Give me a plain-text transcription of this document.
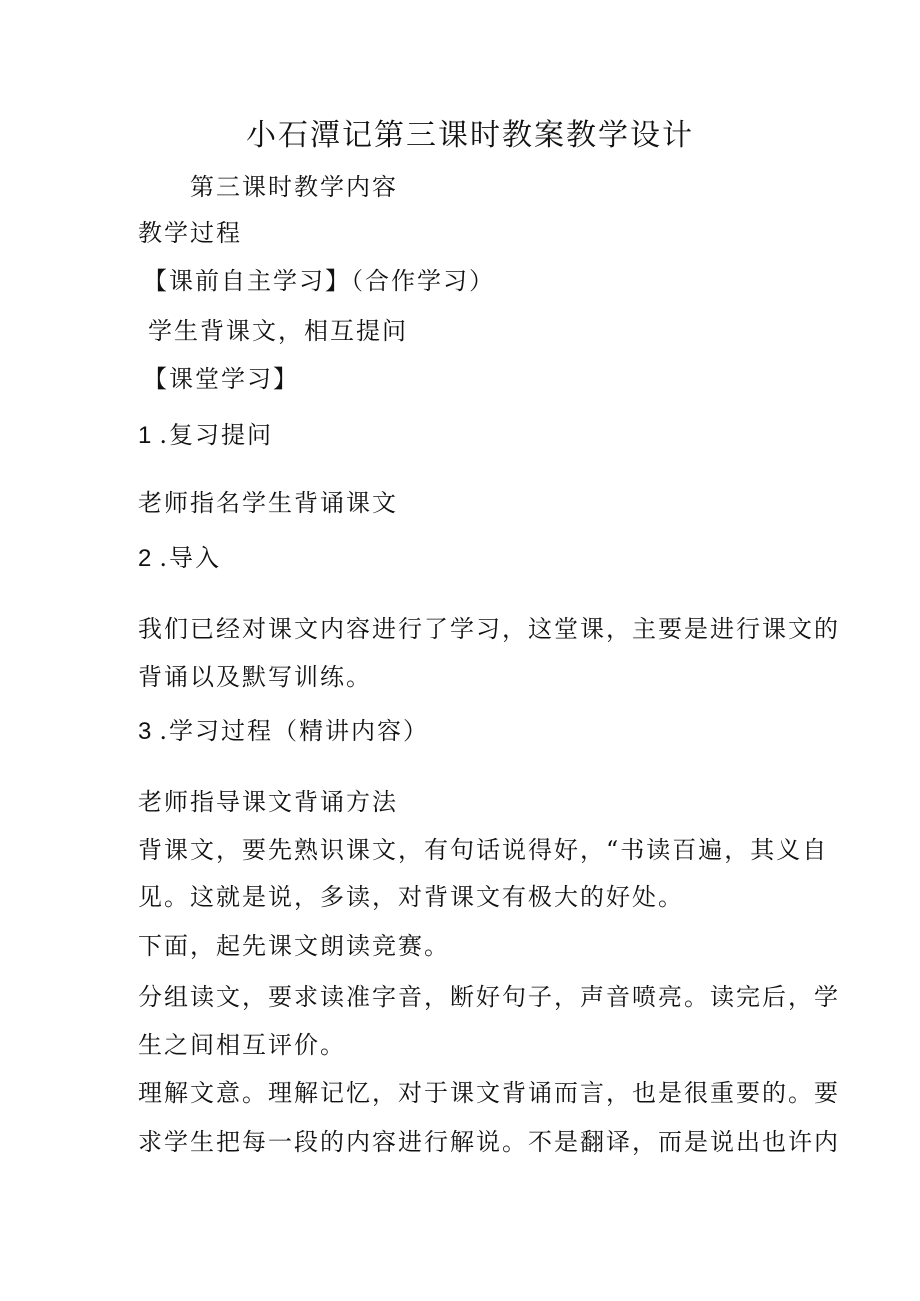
小石潭记第三课时教案教学设计
第三课时教学内容
教学过程
【课前自主学习】（合作学习）
学生背课文，相互提问
【课堂学习】
1 .复习提问
老师指名学生背诵课文
2 .导入
我们已经对课文内容进行了学习，这堂课，主要是进行课文的
背诵以及默写训练。
3 .学习过程（精讲内容）
老师指导课文背诵方法
背课文，要先熟识课文，有句话说得好，“书读百遍，其义自
见。这就是说，多读，对背课文有极大的好处。
下面，起先课文朗读竞赛。
分组读文，要求读准字音，断好句子，声音喷亮。读完后，学
生之间相互评价。
理解文意。理解记忆，对于课文背诵而言，也是很重要的。要
求学生把每一段的内容进行解说。不是翻译，而是说出也许内
